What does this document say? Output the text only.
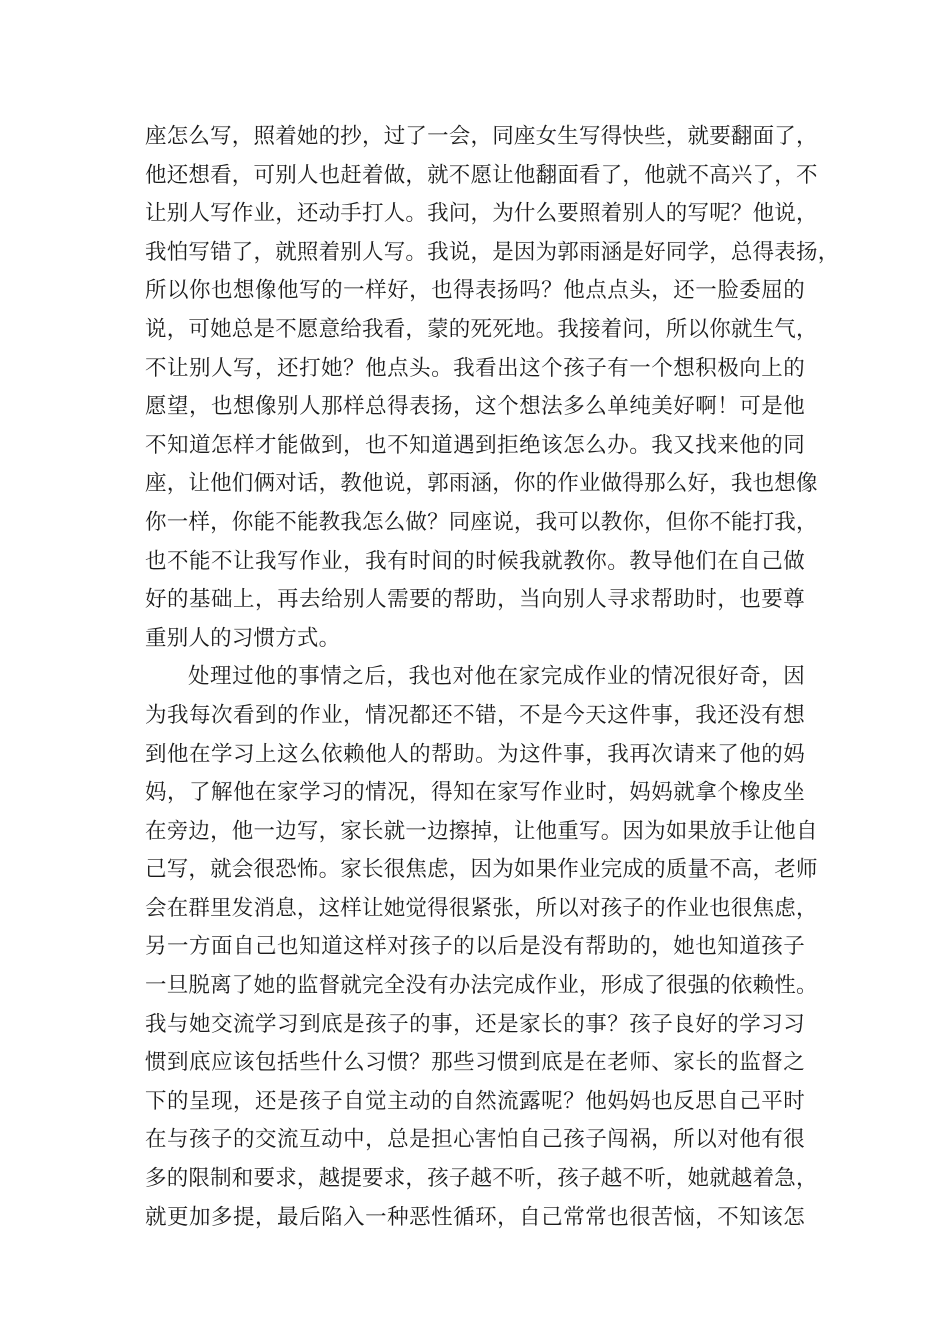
座怎么写，照着她的抄，过了一会，同座女生写得快些，就要翻面了，
他还想看，可别人也赶着做，就不愿让他翻面看了，他就不高兴了，不
让别人写作业，还动手打人。我问，为什么要照着别人的写呢？他说，
我怕写错了，就照着别人写。我说，是因为郭雨涵是好同学，总得表扬，
所以你也想像他写的一样好，也得表扬吗？他点点头，还一脸委屈的
说，可她总是不愿意给我看，蒙的死死地。我接着问，所以你就生气，
不让别人写，还打她？他点头。我看出这个孩子有一个想积极向上的
愿望，也想像别人那样总得表扬，这个想法多么单纯美好啊！可是他
不知道怎样才能做到，也不知道遇到拒绝该怎么办。我又找来他的同
座，让他们俩对话，教他说，郭雨涵，你的作业做得那么好，我也想像
你一样，你能不能教我怎么做？同座说，我可以教你，但你不能打我，
也不能不让我写作业，我有时间的时候我就教你。教导他们在自己做
好的基础上，再去给别人需要的帮助，当向别人寻求帮助时，也要尊
重别人的习惯方式。
处理过他的事情之后，我也对他在家完成作业的情况很好奇，因
为我每次看到的作业，情况都还不错，不是今天这件事，我还没有想
到他在学习上这么依赖他人的帮助。为这件事，我再次请来了他的妈
妈，了解他在家学习的情况，得知在家写作业时，妈妈就拿个橡皮坐
在旁边，他一边写，家长就一边擦掉，让他重写。因为如果放手让他自
己写，就会很恐怖。家长很焦虑，因为如果作业完成的质量不高，老师
会在群里发消息，这样让她觉得很紧张，所以对孩子的作业也很焦虑，
另一方面自己也知道这样对孩子的以后是没有帮助的，她也知道孩子
一旦脱离了她的监督就完全没有办法完成作业，形成了很强的依赖性。
我与她交流学习到底是孩子的事，还是家长的事？孩子良好的学习习
惯到底应该包括些什么习惯？那些习惯到底是在老师、家长的监督之
下的呈现，还是孩子自觉主动的自然流露呢？他妈妈也反思自己平时
在与孩子的交流互动中，总是担心害怕自己孩子闯祸，所以对他有很
多的限制和要求，越提要求，孩子越不听，孩子越不听，她就越着急，
就更加多提，最后陷入一种恶性循环，自己常常也很苦恼，不知该怎
